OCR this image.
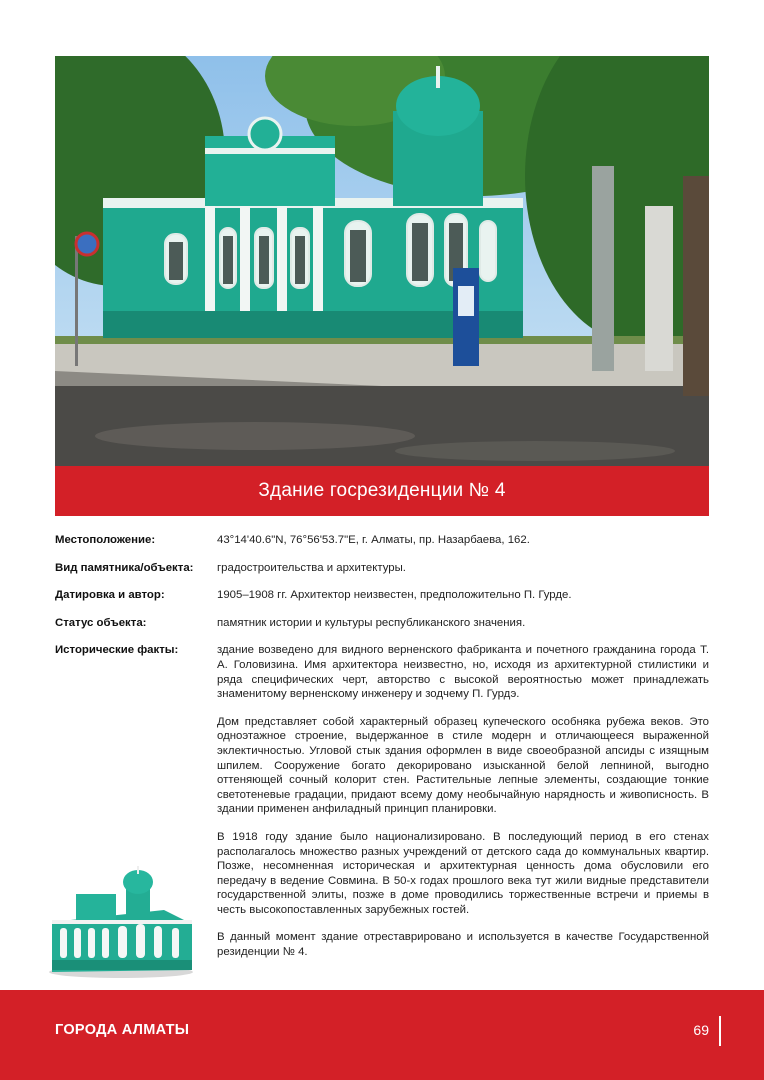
Здание госрезиденции № 4
Местоположение:	43°14'40.6"N, 76°56'53.7"E, г. Алматы, пр. Назарбаева, 162.
Вид памятника/объекта:	градостроительства и архитектуры.
Датировка и автор:	1905–1908 гг. Архитектор неизвестен, предположительно П. Гурде.
Статус объекта:	памятник истории и культуры республиканского значения.
Исторические факты:	здание возведено для видного верненского фабриканта и почетного гражданина города Т. А. Головизина. Имя архитектора неизвестно, но, исходя из архитектурной стилистики и ряда специфических черт, авторство с высокой вероятностью может принадлежать знаменитому верненскому инженеру и зодчему П. Гурдэ.

Дом представляет собой характерный образец купеческого особняка рубежа веков. Это одноэтажное строение, выдержанное в стиле модерн и отличающееся выраженной эклектичностью. Угловой стык здания оформлен в виде своеобразной апсиды с изящным шпилем. Сооружение богато декорировано изысканной белой лепниной, выгодно оттеняющей сочный колорит стен. Растительные лепные элементы, создающие тонкие светотеневые градации, придают всему дому необычайную нарядность и живописность. В здании применен анфиладный принцип планировки.

В 1918 году здание было национализировано. В последующий период в его стенах располагалось множество разных учреждений от детского сада до коммунальных квартир. Позже, несомненная историческая и архитектурная ценность дома обусловили его передачу в ведение Совмина. В 50-х годах прошлого века тут жили видные представители государственной элиты, позже в доме проводились торжественные встречи и приемы в честь высокопоставленных зарубежных гостей.

В данный момент здание отреставрировано и используется в качестве Государственной резиденции № 4.

ГОРОДА АЛМАТЫ	69
